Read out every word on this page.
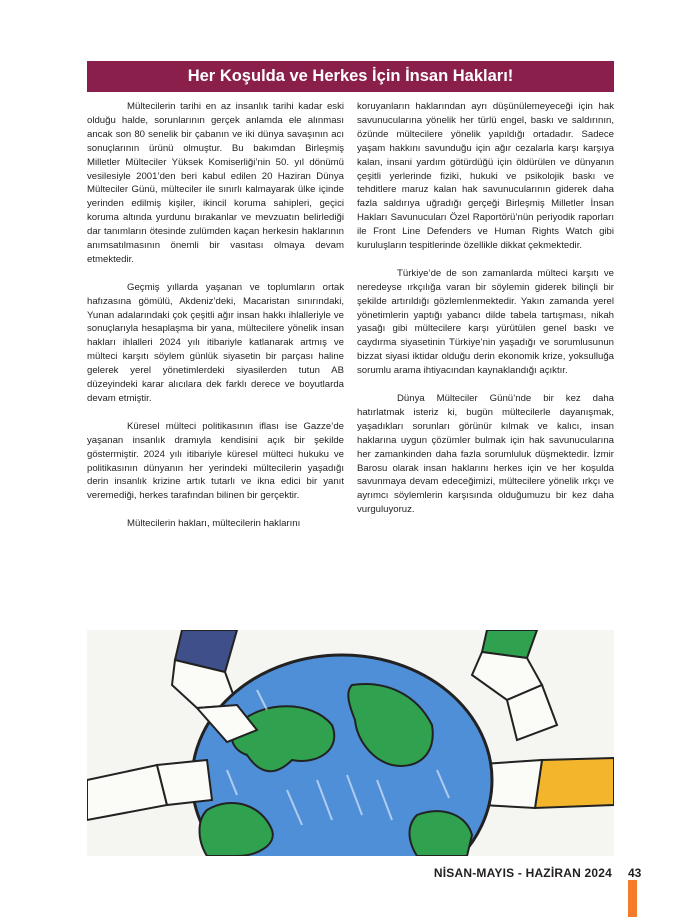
Her Koşulda ve Herkes İçin İnsan Hakları!

Mültecilerin tarihi en az insanlık tarihi kadar eski olduğu halde, sorunlarının gerçek anlamda ele alınması ancak son 80 senelik bir çabanın ve iki dünya savaşının acı sonuçlarının ürünü olmuştur. Bu bakımdan Birleşmiş Milletler Mülteciler Yüksek Komiserliği’nin 50. yıl dönümü vesilesiyle 2001’den beri kabul edilen 20 Haziran Dünya Mülteciler Günü, mülteciler ile sınırlı kalmayarak ülke içinde yerinden edilmiş kişiler, ikincil koruma sahipleri, geçici koruma altında yurdunu bırakanlar ve mevzuatın belirlediği dar tanımların ötesinde zulümden kaçan herkesin haklarının anımsatılmasının önemli bir vasıtası olmaya devam etmektedir.

Geçmiş yıllarda yaşanan ve toplumların ortak hafızasına gömülü, Akdeniz’deki, Macaristan sınırındaki, Yunan adalarındaki çok çeşitli ağır insan hakkı ihlalleriyle ve sonuçlarıyla hesaplaşma bir yana, mültecilere yönelik insan hakları ihlalleri 2024 yılı itibariyle katlanarak artmış ve mülteci karşıtı söylem günlük siyasetin bir parçası haline gelerek yerel yönetimlerdeki siyasilerden tutun AB düzeyindeki karar alıcılara dek farklı derece ve boyutlarda devam etmiştir.

Küresel mülteci politikasının iflası ise Gazze’de yaşanan insanlık dramıyla kendisini açık bir şekilde göstermiştir. 2024 yılı itibariyle küresel mülteci hukuku ve politikasının dünyanın her yerindeki mültecilerin yaşadığı derin insanlık krizine artık tutarlı ve ikna edici bir yanıt veremediği, herkes tarafından bilinen bir gerçektir.

Mültecilerin hakları, mültecilerin haklarını

koruyanların haklarından ayrı düşünülemeyeceği için hak savunucularına yönelik her türlü engel, baskı ve saldırının, özünde mültecilere yönelik yapıldığı ortadadır. Sadece yaşam hakkını savunduğu için ağır cezalarla karşı karşıya kalan, insani yardım götürdüğü için öldürülen ve dünyanın çeşitli yerlerinde fiziki, hukuki ve psikolojik baskı ve tehditlere maruz kalan hak savunucularının giderek daha fazla saldırıya uğradığı gerçeği Birleşmiş Milletler İnsan Hakları Savunucuları Özel Raportörü’nün periyodik raporları ile Front Line Defenders ve Human Rights Watch gibi kuruluşların tespitlerinde özellikle dikkat çekmektedir.

Türkiye’de de son zamanlarda mülteci karşıtı ve neredeyse ırkçılığa varan bir söylemin giderek bilinçli bir şekilde artırıldığı gözlemlenmektedir. Yakın zamanda yerel yönetimlerin yaptığı yabancı dilde tabela tartışması, nikah yasağı gibi mültecilere karşı yürütülen genel baskı ve caydırma siyasetinin Türkiye’nin yaşadığı ve sorumlusunun bizzat siyasi iktidar olduğu derin ekonomik krize, yoksulluğa sorumlu arama ihtiyacından kaynaklandığı açıktır.

Dünya Mülteciler Günü’nde bir kez daha hatırlatmak isteriz ki, bugün mültecilerle dayanışmak, yaşadıkları sorunları görünür kılmak ve kalıcı, insan haklarına uygun çözümler bulmak için hak savunucularına her zamankinden daha fazla sorumluluk düşmektedir. İzmir Barosu olarak insan haklarını herkes için ve her koşulda savunmaya devam edeceğimizi, mültecilere yönelik ırkçı ve ayrımcı söylemlerin karşısında olduğumuzu bir kez daha vurguluyoruz.

NİSAN-MAYIS - HAZİRAN 2024 43
